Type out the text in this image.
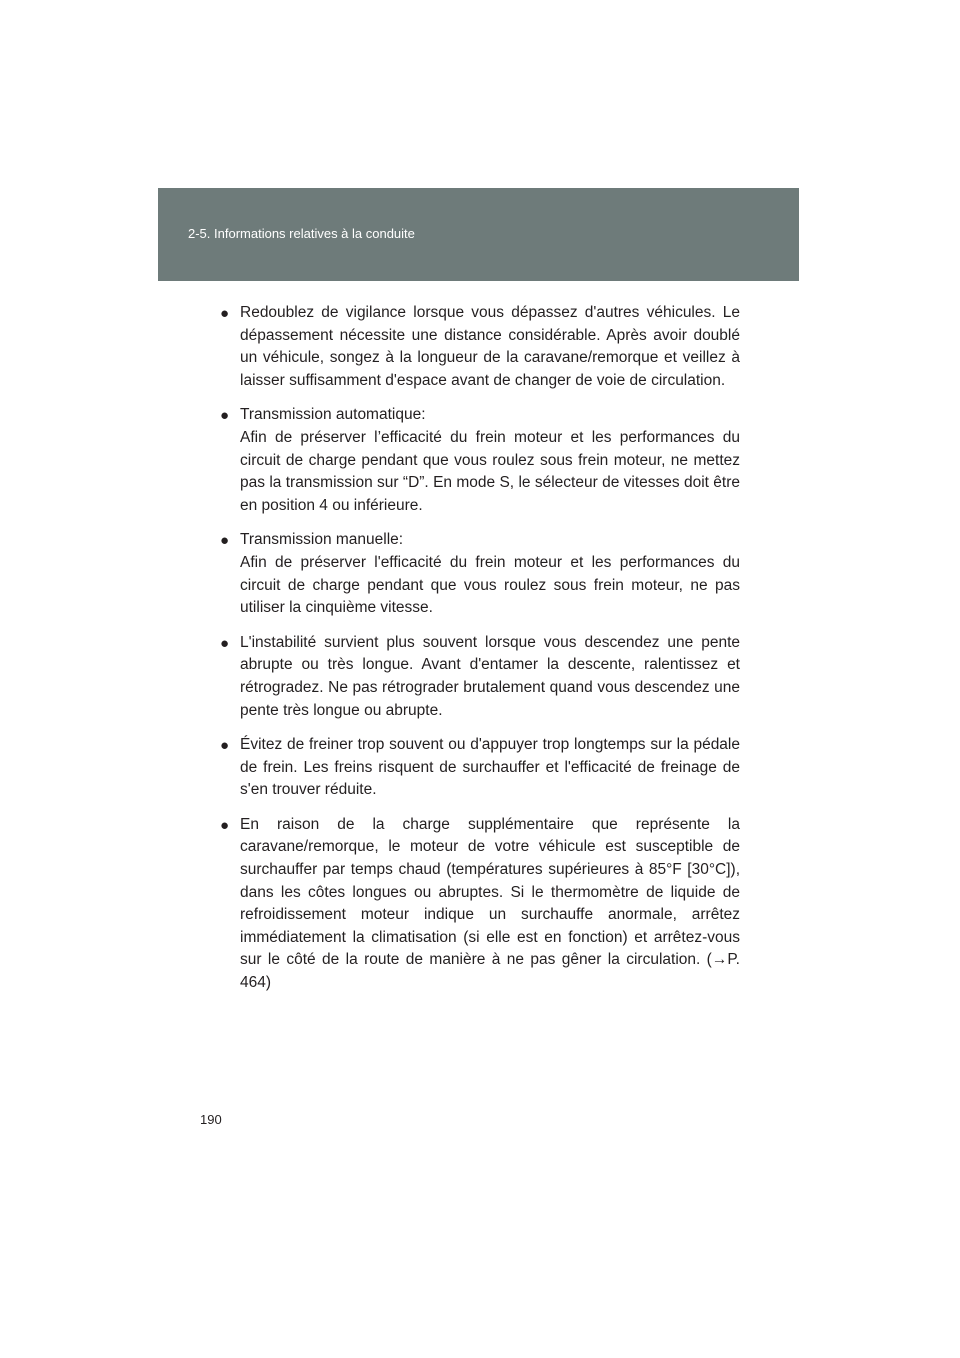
2-5. Informations relatives à la conduite
● Redoublez de vigilance lorsque vous dépassez d'autres véhicules. Le dépassement nécessite une distance considérable. Après avoir doublé un véhicule, songez à la longueur de la caravane/remorque et veillez à laisser suffisamment d'espace avant de changer de voie de circulation.

● Transmission automatique:

Afin de préserver l’efficacité du frein moteur et les performances du circuit de charge pendant que vous roulez sous frein moteur, ne mettez pas la transmission sur “D”. En mode S, le sélecteur de vitesses doit être en position 4 ou inférieure.

● Transmission manuelle:

Afin de préserver l'efficacité du frein moteur et les performances du circuit de charge pendant que vous roulez sous frein moteur, ne pas utiliser la cinquième vitesse.

● L'instabilité survient plus souvent lorsque vous descendez une pente abrupte ou très longue. Avant d'entamer la descente, ralentissez et rétrogradez. Ne pas rétrograder brutalement quand vous descendez une pente très longue ou abrupte.

● Évitez de freiner trop souvent ou d'appuyer trop longtemps sur la pédale de frein. Les freins risquent de surchauffer et l'efficacité de freinage de s'en trouver réduite.

● En raison de la charge supplémentaire que représente la caravane/remorque, le moteur de votre véhicule est susceptible de surchauffer par temps chaud (températures supérieures à 85°F [30°C]), dans les côtes longues ou abruptes. Si le thermomètre de liquide de refroidissement moteur indique un surchauffe anormale, arrêtez immédiatement la climatisation (si elle est en fonction) et arrêtez-vous sur le côté de la route de manière à ne pas gêner la circulation. (→P. 464)

190
